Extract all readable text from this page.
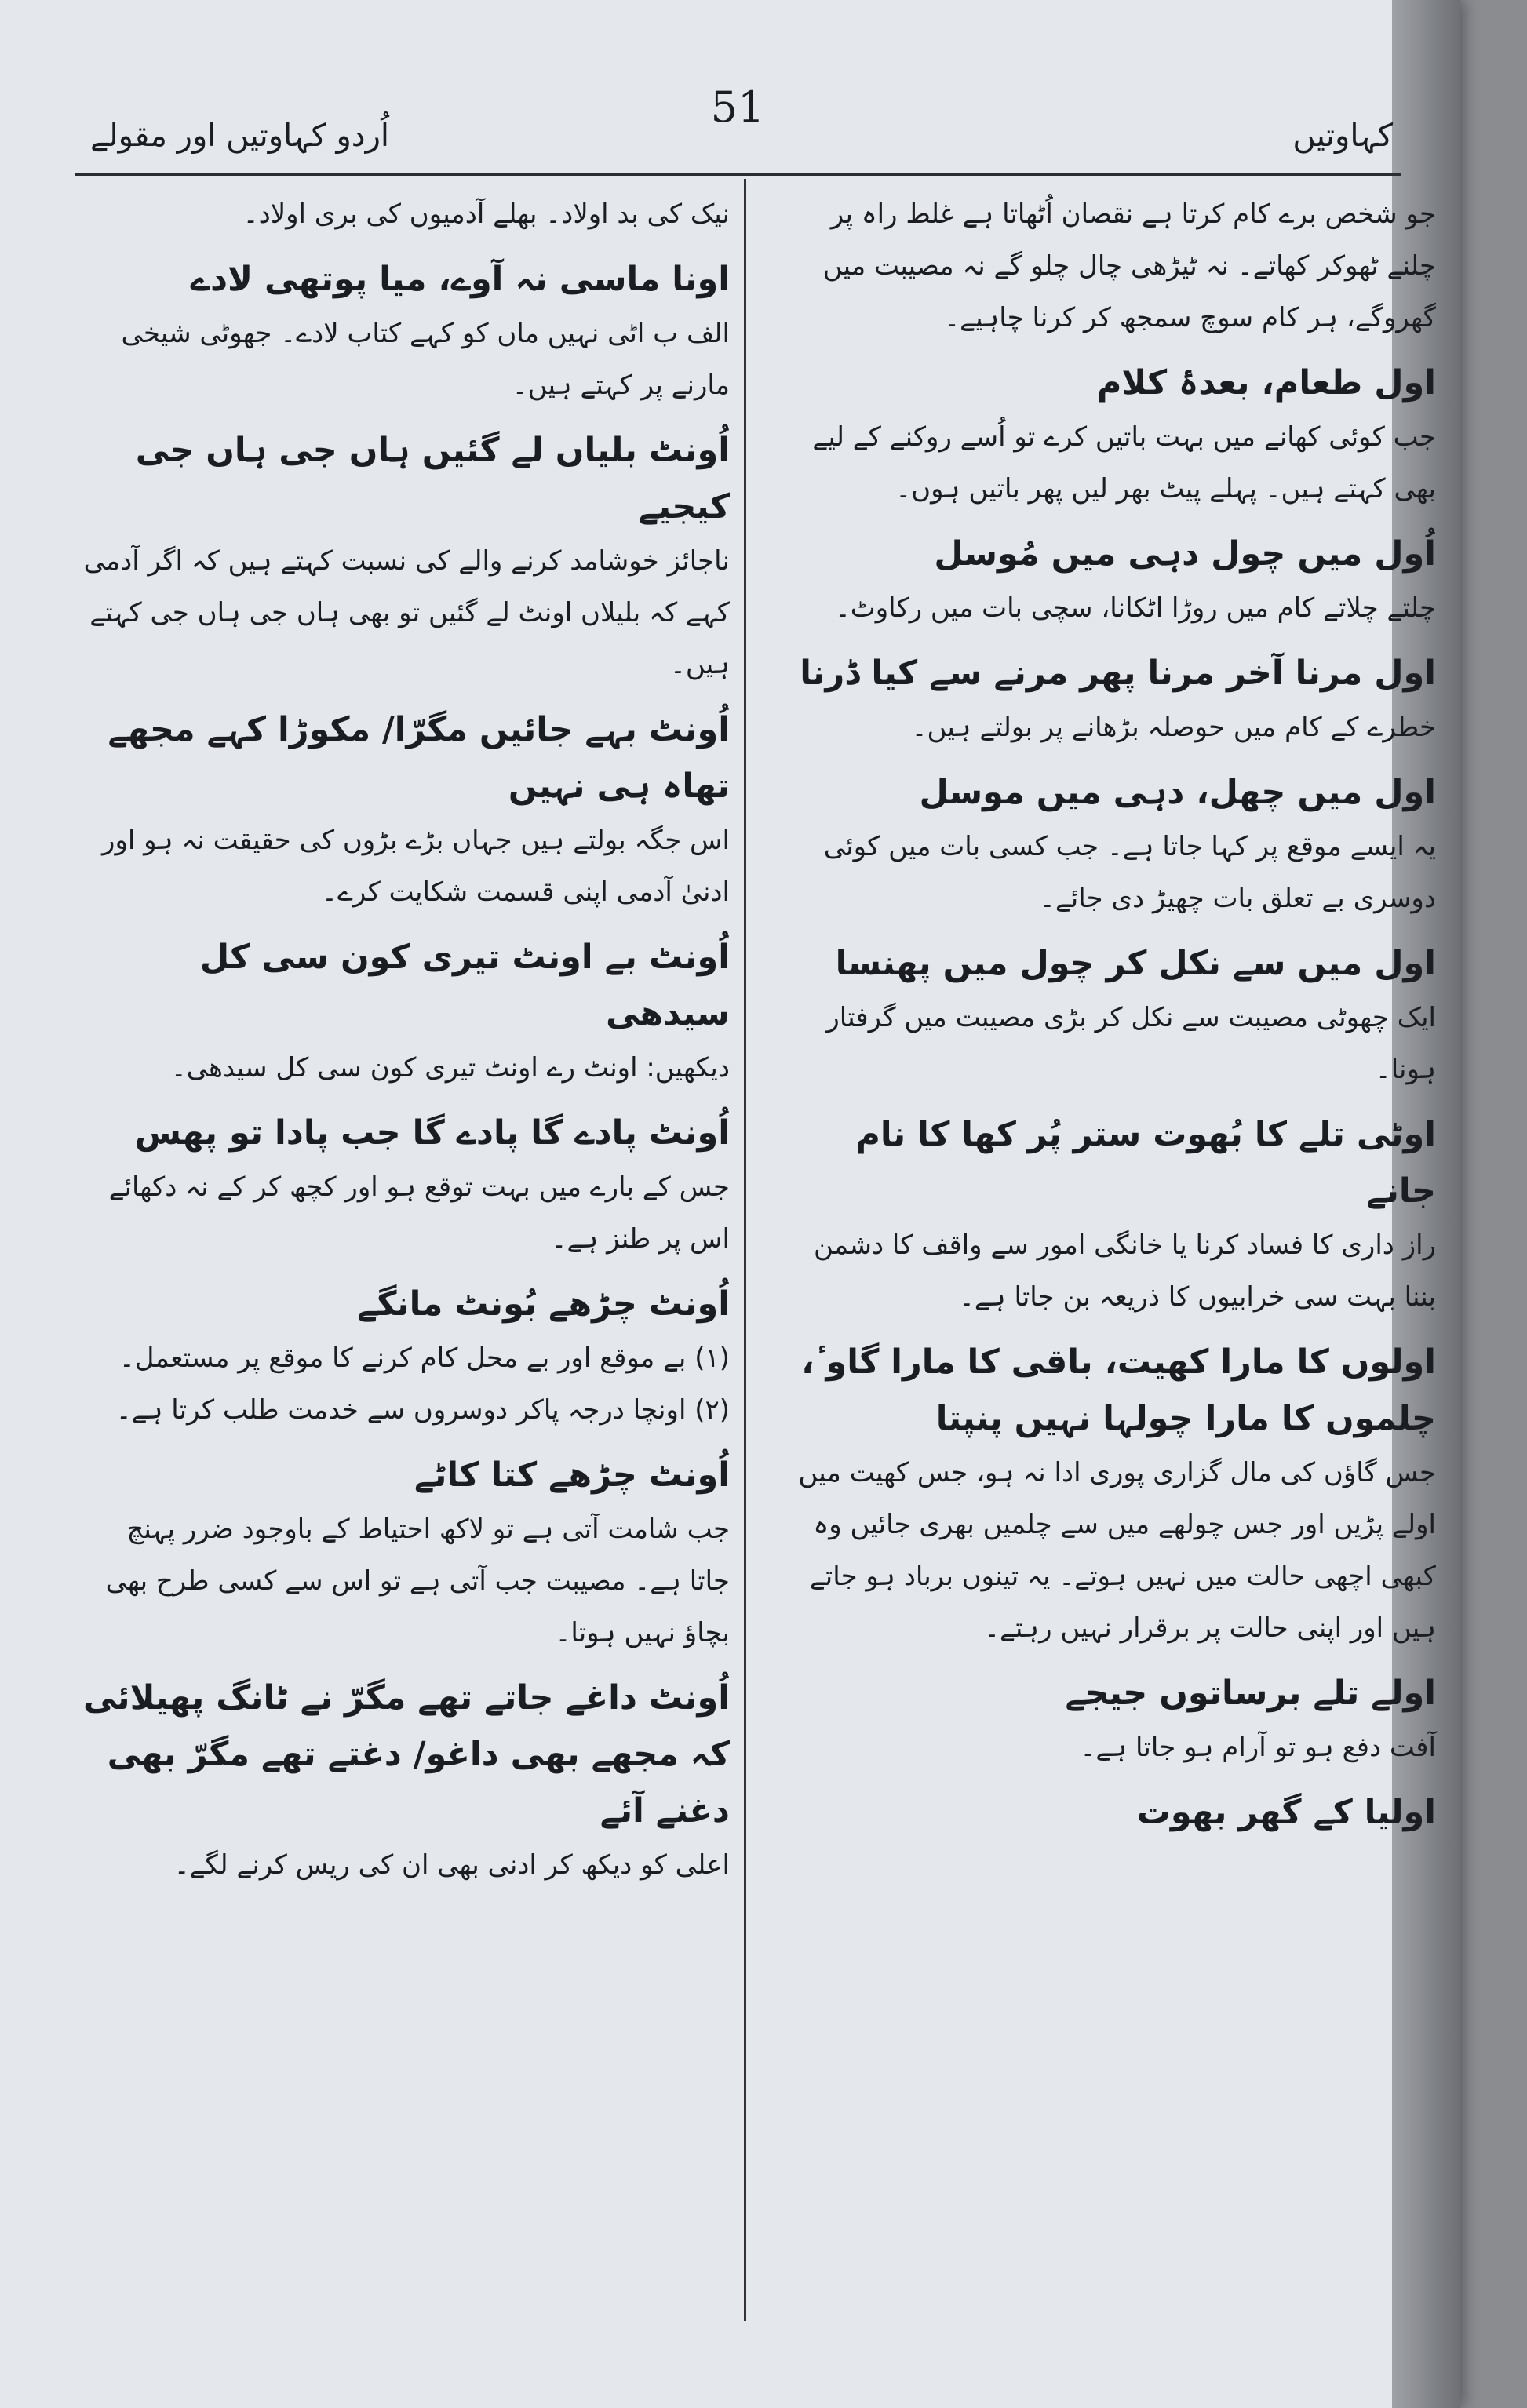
51
کہاوتیں
اُردو کہاوتیں اور مقولے

جو شخص برے کام کرتا ہے نقصان اُٹھاتا ہے غلط راہ پر چلنے ٹھوکر کھاتے۔ نہ ٹیڑھی چال چلو گے نہ مصیبت میں گھروگے، ہر کام سوچ سمجھ کر کرنا چاہیے۔

اول طعام، بعدۂ کلام

جب کوئی کھانے میں بہت باتیں کرے تو اُسے روکنے کے لیے بھی کہتے ہیں۔ پہلے پیٹ بھر لیں پھر باتیں ہوں۔

اُول میں چول دہی میں مُوسل

چلتے چلاتے کام میں روڑا اٹکانا، سچی بات میں رکاوٹ۔

اول مرنا آخر مرنا پھر مرنے سے کیا ڈرنا

خطرے کے کام میں حوصلہ بڑھانے پر بولتے ہیں۔

اول میں چھل، دہی میں موسل

یہ ایسے موقع پر کہا جاتا ہے۔ جب کسی بات میں کوئی دوسری بے تعلق بات چھیڑ دی جائے۔

اول میں سے نکل کر چول میں پھنسا

ایک چھوٹی مصیبت سے نکل کر بڑی مصیبت میں گرفتار ہونا۔

اوٹی تلے کا بُھوت ستر پُر کھا کا نام جانے

راز داری کا فساد کرنا یا خانگی امور سے واقف کا دشمن بننا بہت سی خرابیوں کا ذریعہ بن جاتا ہے۔

اولوں کا مارا کھیت، باقی کا مارا گاو ٔ، چلموں کا مارا چولہا نہیں پنپتا

جس گاؤں کی مال گزاری پوری ادا نہ ہو، جس کھیت میں اولے پڑیں اور جس چولھے میں سے چلمیں بھری جائیں وہ کبھی اچھی حالت میں نہیں ہوتے۔ یہ تینوں برباد ہو جاتے ہیں اور اپنی حالت پر برقرار نہیں رہتے۔

اولے تلے برساتوں جیجے

آفت دفع ہو تو آرام ہو جاتا ہے۔

اولیا کے گھر بھوت

نیک کی بد اولاد۔ بھلے آدمیوں کی بری اولاد۔

اونا ماسی نہ آوے، میا پوتھی لادے

الف ب اٹی نہیں ماں کو کہے کتاب لادے۔ جھوٹی شیخی مارنے پر کہتے ہیں۔

اُونٹ بلیاں لے گئیں ہاں جی ہاں جی کیجیے

ناجائز خوشامد کرنے والے کی نسبت کہتے ہیں کہ اگر آدمی کہے کہ بلیلاں اونٹ لے گئیں تو بھی ہاں جی ہاں جی کہتے ہیں۔

اُونٹ بہے جائیں مگرّا/ مکوڑا کہے مجھے تھاہ ہی نہیں

اس جگہ بولتے ہیں جہاں بڑے بڑوں کی حقیقت نہ ہو اور ادنیٰ آدمی اپنی قسمت شکایت کرے۔

اُونٹ بے اونٹ تیری کون سی کل سیدھی

دیکھیں: اونٹ رے اونٹ تیری کون سی کل سیدھی۔

اُونٹ پادے گا پادے گا جب پادا تو پھس

جس کے بارے میں بہت توقع ہو اور کچھ کر کے نہ دکھائے اس پر طنز ہے۔

اُونٹ چڑھے بُونٹ مانگے

(۱) بے موقع اور بے محل کام کرنے کا موقع پر مستعمل۔ (۲) اونچا درجہ پاکر دوسروں سے خدمت طلب کرتا ہے۔

اُونٹ چڑھے کتا کاٹے

جب شامت آتی ہے تو لاکھ احتیاط کے باوجود ضرر پہنچ جاتا ہے۔ مصیبت جب آتی ہے تو اس سے کسی طرح بھی بچاؤ نہیں ہوتا۔

اُونٹ داغے جاتے تھے مگرّ نے ٹانگ پھیلائی کہ مجھے بھی داغو/ دغتے تھے مگرّ بھی دغنے آئے

اعلی کو دیکھ کر ادنی بھی ان کی ریس کرنے لگے۔
